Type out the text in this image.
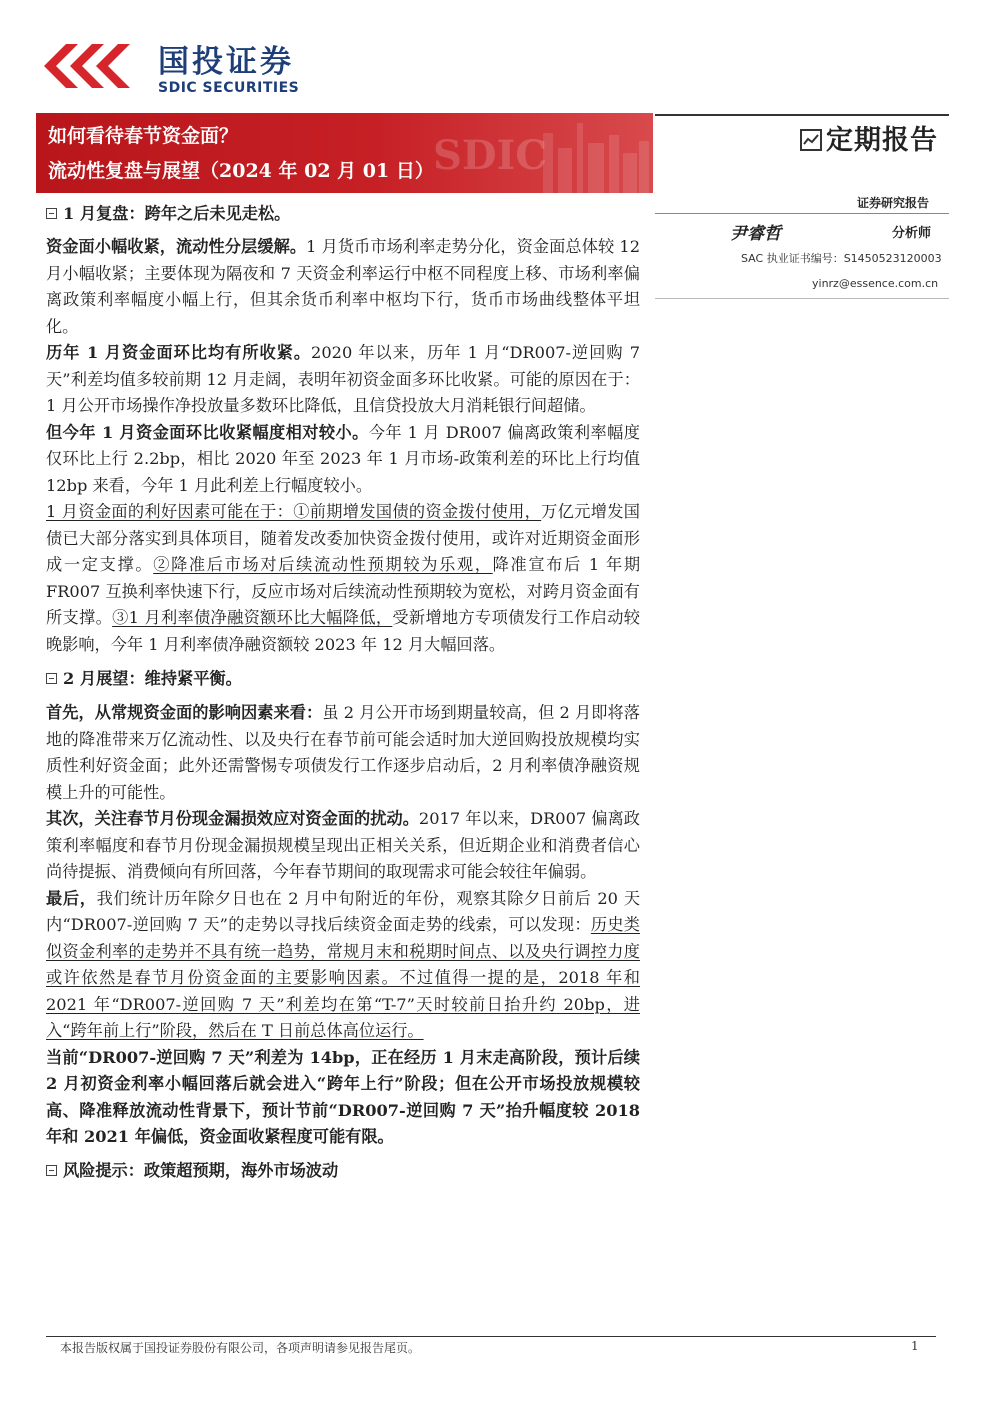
国投证券
SDIC SECURITIES
SDIC
如何看待春节资金面？
流动性复盘与展望（2024 年 02 月 01 日）
定期报告
证券研究报告
尹睿哲	分析师
SAC 执业证书编号：S1450523120003
yinrz@essence.com.cn

1 月复盘：跨年之后未见走松。

资金面小幅收紧，流动性分层缓解。1 月货币市场利率走势分化，资金面总体较 12 月小幅收紧；主要体现为隔夜和 7 天资金利率运行中枢不同程度上移、市场利率偏离政策利率幅度小幅上行，但其余货币利率中枢均下行，货币市场曲线整体平坦化。

历年 1 月资金面环比均有所收紧。2020 年以来，历年 1 月“DR007-逆回购 7 天”利差均值多较前期 12 月走阔，表明年初资金面多环比收紧。可能的原因在于：1 月公开市场操作净投放量多数环比降低，且信贷投放大月消耗银行间超储。

但今年 1 月资金面环比收紧幅度相对较小。今年 1 月 DR007 偏离政策利率幅度仅环比上行 2.2bp，相比 2020 年至 2023 年 1 月市场-政策利差的环比上行均值 12bp 来看，今年 1 月此利差上行幅度较小。

1 月资金面的利好因素可能在于：①前期增发国债的资金拨付使用，万亿元增发国债已大部分落实到具体项目，随着发改委加快资金拨付使用，或许对近期资金面形成一定支撑。②降准后市场对后续流动性预期较为乐观，降准宣布后 1 年期 FR007 互换利率快速下行，反应市场对后续流动性预期较为宽松，对跨月资金面有所支撑。③1 月利率债净融资额环比大幅降低，受新增地方专项债发行工作启动较晚影响，今年 1 月利率债净融资额较 2023 年 12 月大幅回落。

2 月展望：维持紧平衡。

首先，从常规资金面的影响因素来看：虽 2 月公开市场到期量较高，但 2 月即将落地的降准带来万亿流动性、以及央行在春节前可能会适时加大逆回购投放规模均实质性利好资金面；此外还需警惕专项债发行工作逐步启动后，2 月利率债净融资规模上升的可能性。

其次，关注春节月份现金漏损效应对资金面的扰动。2017 年以来，DR007 偏离政策利率幅度和春节月份现金漏损规模呈现出正相关关系，但近期企业和消费者信心尚待提振、消费倾向有所回落，今年春节期间的取现需求可能会较往年偏弱。

最后，我们统计历年除夕日也在 2 月中旬附近的年份，观察其除夕日前后 20 天内“DR007-逆回购 7 天”的走势以寻找后续资金面走势的线索，可以发现：历史类似资金利率的走势并不具有统一趋势，常规月末和税期时间点、以及央行调控力度或许依然是春节月份资金面的主要影响因素。不过值得一提的是，2018 年和 2021 年“DR007-逆回购 7 天”利差均在第“T-7”天时较前日抬升约 20bp，进入“跨年前上行”阶段，然后在 T 日前总体高位运行。

当前“DR007-逆回购 7 天”利差为 14bp，正在经历 1 月末走高阶段，预计后续 2 月初资金利率小幅回落后就会进入“跨年上行”阶段；但在公开市场投放规模较高、降准释放流动性背景下，预计节前“DR007-逆回购 7 天”抬升幅度较 2018 年和 2021 年偏低，资金面收紧程度可能有限。

风险提示：政策超预期，海外市场波动

本报告版权属于国投证券股份有限公司，各项声明请参见报告尾页。	1
